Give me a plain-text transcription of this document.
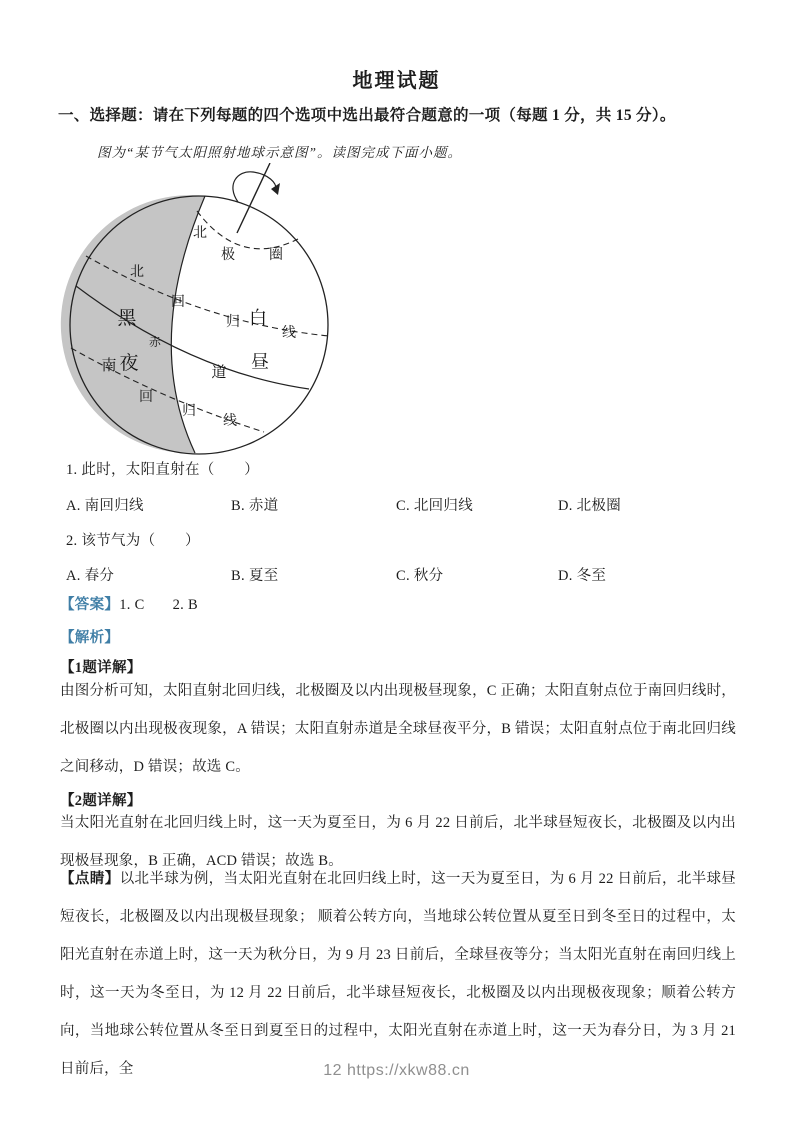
地理试题
一、选择题：请在下列每题的四个选项中选出最符合题意的一项（每题 1 分，共 15 分）。
图为“某节气太阳照射地球示意图”。读图完成下面小题。
北
极 圈
北
回
归
线
赤
道
南
回
归
线
黑
夜
白
昼
1. 此时，太阳直射在（　　）
A. 南回归线	B. 赤道	C. 北回归线	D. 北极圈
2. 该节气为（　　）
A. 春分	B. 夏至	C. 秋分	D. 冬至
【答案】1. C 2. B
【解析】
【1题详解】
由图分析可知，太阳直射北回归线，北极圈及以内出现极昼现象，C 正确；太阳直射点位于南回归线时，北极圈以内出现极夜现象，A 错误；太阳直射赤道是全球昼夜平分，B 错误；太阳直射点位于南北回归线之间移动，D 错误；故选 C。
【2题详解】
当太阳光直射在北回归线上时，这一天为夏至日，为 6 月 22 日前后，北半球昼短夜长，北极圈及以内出现极昼现象，B 正确，ACD 错误；故选 B。
【点睛】以北半球为例，当太阳光直射在北回归线上时，这一天为夏至日，为 6 月 22 日前后，北半球昼短夜长，北极圈及以内出现极昼现象； 顺着公转方向，当地球公转位置从夏至日到冬至日的过程中，太阳光直射在赤道上时，这一天为秋分日，为 9 月 23 日前后，全球昼夜等分；当太阳光直射在南回归线上时，这一天为冬至日，为 12 月 22 日前后，北半球昼短夜长，北极圈及以内出现极夜现象；顺着公转方向，当地球公转位置从冬至日到夏至日的过程中，太阳光直射在赤道上时，这一天为春分日，为 3 月 21 日前后，全	12 https://xkw88.cn
